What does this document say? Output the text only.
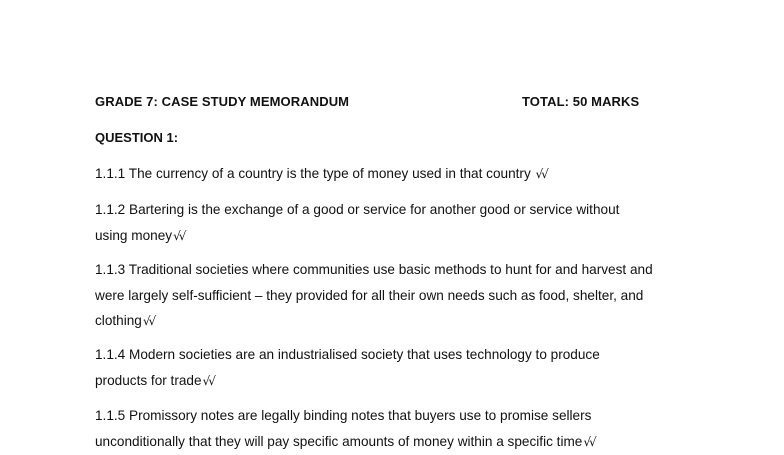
GRADE 7: CASE STUDY MEMORANDUM	TOTAL: 50 MARKS
QUESTION 1:
1.1.1 The currency of a country is the type of money used in that country √√
1.1.2 Bartering is the exchange of a good or service for another good or service without
using money√√
1.1.3 Traditional societies where communities use basic methods to hunt for and harvest and
were largely self-sufficient – they provided for all their own needs such as food, shelter, and
clothing√√
1.1.4 Modern societies are an industrialised society that uses technology to produce
products for trade√√
1.1.5 Promissory notes are legally binding notes that buyers use to promise sellers
unconditionally that they will pay specific amounts of money within a specific time√√
